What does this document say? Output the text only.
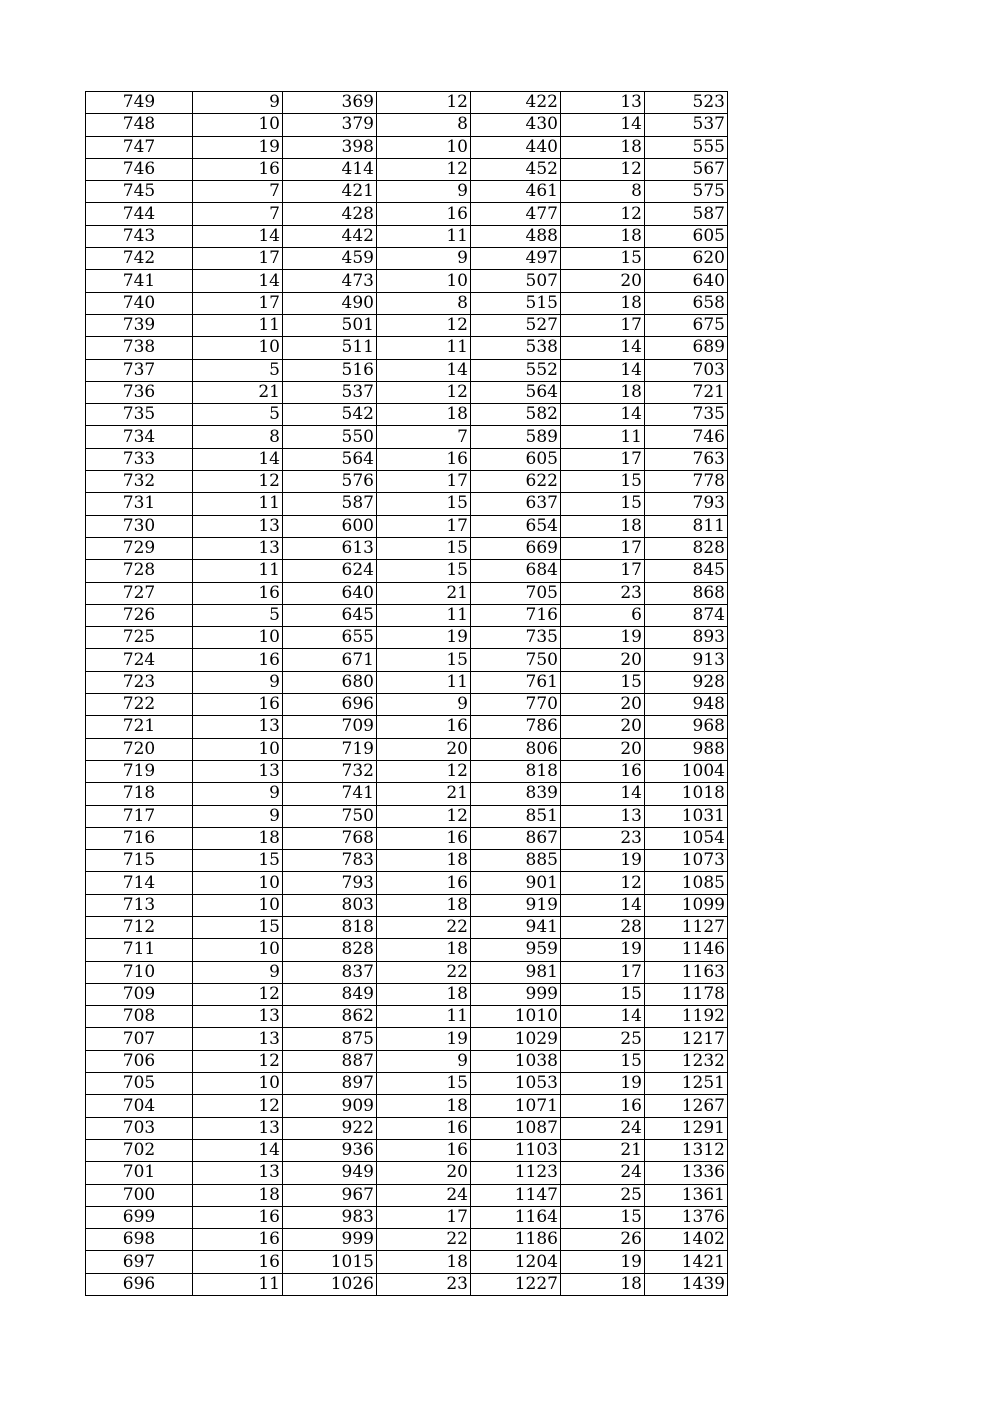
749	9	369	12	422	13	523
748	10	379	8	430	14	537
747	19	398	10	440	18	555
746	16	414	12	452	12	567
745	7	421	9	461	8	575
744	7	428	16	477	12	587
743	14	442	11	488	18	605
742	17	459	9	497	15	620
741	14	473	10	507	20	640
740	17	490	8	515	18	658
739	11	501	12	527	17	675
738	10	511	11	538	14	689
737	5	516	14	552	14	703
736	21	537	12	564	18	721
735	5	542	18	582	14	735
734	8	550	7	589	11	746
733	14	564	16	605	17	763
732	12	576	17	622	15	778
731	11	587	15	637	15	793
730	13	600	17	654	18	811
729	13	613	15	669	17	828
728	11	624	15	684	17	845
727	16	640	21	705	23	868
726	5	645	11	716	6	874
725	10	655	19	735	19	893
724	16	671	15	750	20	913
723	9	680	11	761	15	928
722	16	696	9	770	20	948
721	13	709	16	786	20	968
720	10	719	20	806	20	988
719	13	732	12	818	16	1004
718	9	741	21	839	14	1018
717	9	750	12	851	13	1031
716	18	768	16	867	23	1054
715	15	783	18	885	19	1073
714	10	793	16	901	12	1085
713	10	803	18	919	14	1099
712	15	818	22	941	28	1127
711	10	828	18	959	19	1146
710	9	837	22	981	17	1163
709	12	849	18	999	15	1178
708	13	862	11	1010	14	1192
707	13	875	19	1029	25	1217
706	12	887	9	1038	15	1232
705	10	897	15	1053	19	1251
704	12	909	18	1071	16	1267
703	13	922	16	1087	24	1291
702	14	936	16	1103	21	1312
701	13	949	20	1123	24	1336
700	18	967	24	1147	25	1361
699	16	983	17	1164	15	1376
698	16	999	22	1186	26	1402
697	16	1015	18	1204	19	1421
696	11	1026	23	1227	18	1439
